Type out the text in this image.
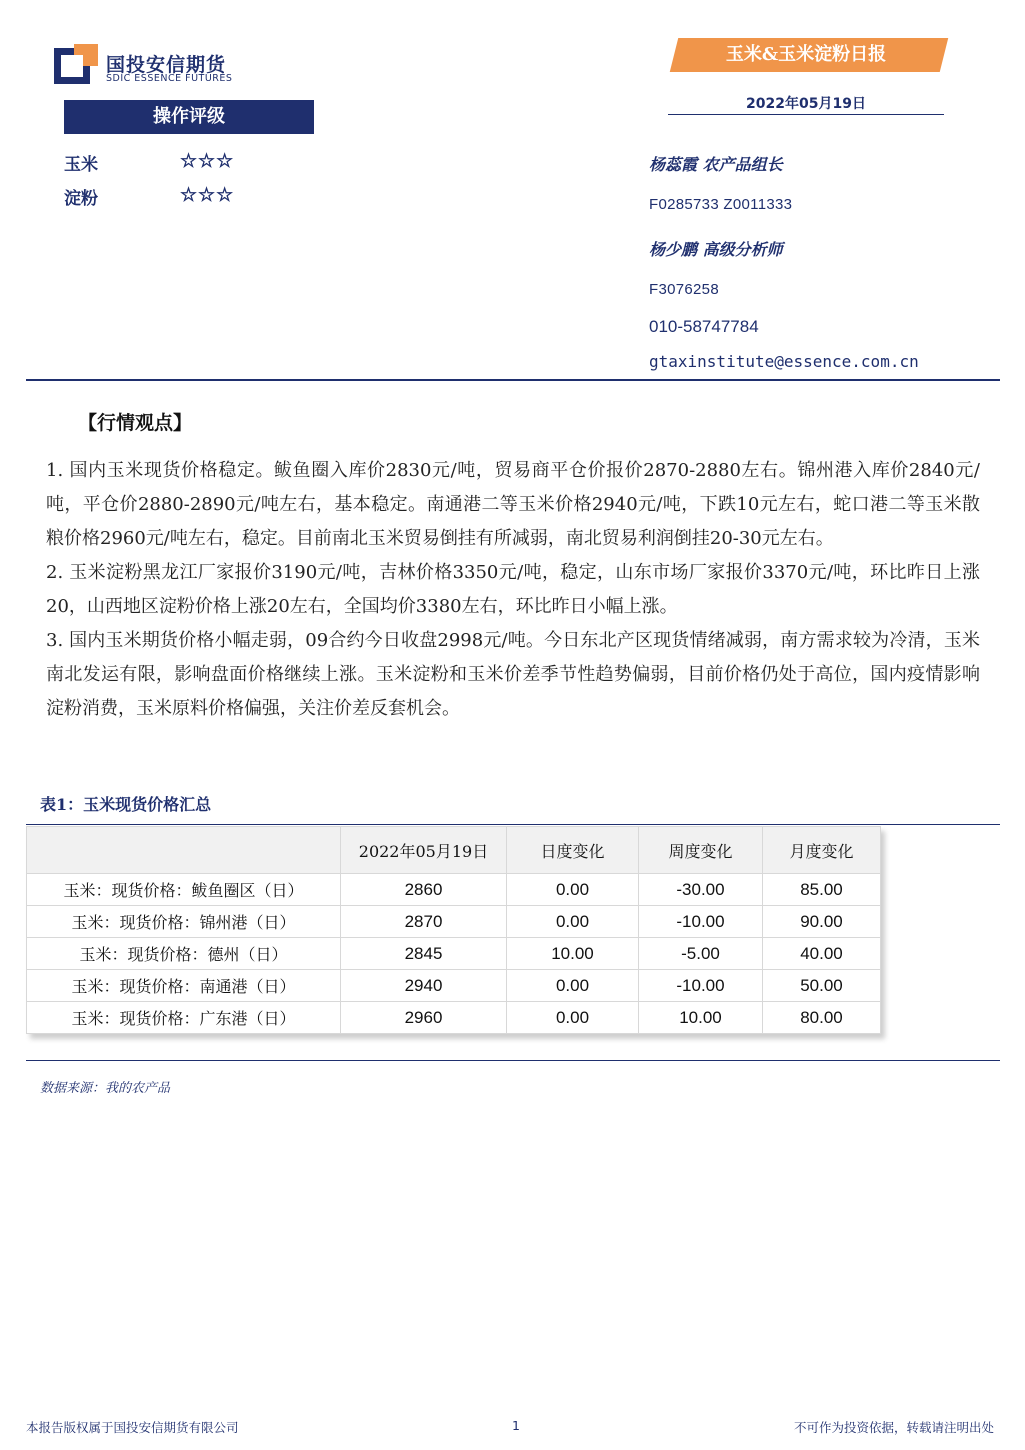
国投安信期货
SDIC ESSENCE FUTURES
玉米&玉米淀粉日报
2022年05月19日
操作评级
玉米	☆☆☆
淀粉	☆☆☆
杨蕊霞 农产品组长
F0285733 Z0011333
杨少鹏 高级分析师
F3076258
010-58747784
gtaxinstitute@essence.com.cn
【行情观点】

1. 国内玉米现货价格稳定。鲅鱼圈入库价2830元/吨，贸易商平仓价报价2870-2880左右。锦州港入库价2840元/吨，平仓价2880-2890元/吨左右，基本稳定。南通港二等玉米价格2940元/吨，下跌10元左右，蛇口港二等玉米散粮价格2960元/吨左右，稳定。目前南北玉米贸易倒挂有所减弱，南北贸易利润倒挂20-30元左右。

2. 玉米淀粉黑龙江厂家报价3190元/吨，吉林价格3350元/吨，稳定，山东市场厂家报价3370元/吨，环比昨日上涨20，山西地区淀粉价格上涨20左右，全国均价3380左右，环比昨日小幅上涨。

3. 国内玉米期货价格小幅走弱，09合约今日收盘2998元/吨。今日东北产区现货情绪减弱，南方需求较为冷清，玉米南北发运有限，影响盘面价格继续上涨。玉米淀粉和玉米价差季节性趋势偏弱，目前价格仍处于高位，国内疫情影响淀粉消费，玉米原料价格偏强，关注价差反套机会。

表1：玉米现货价格汇总
	2022年05月19日	日度变化	周度变化	月度变化
玉米：现货价格：鲅鱼圈区（日）	2860	0.00	-30.00	85.00
玉米：现货价格：锦州港（日）	2870	0.00	-10.00	90.00
玉米：现货价格：德州（日）	2845	10.00	-5.00	40.00
玉米：现货价格：南通港（日）	2940	0.00	-10.00	50.00
玉米：现货价格：广东港（日）	2960	0.00	10.00	80.00
数据来源：我的农产品
本报告版权属于国投安信期货有限公司	1	不可作为投资依据，转载请注明出处
